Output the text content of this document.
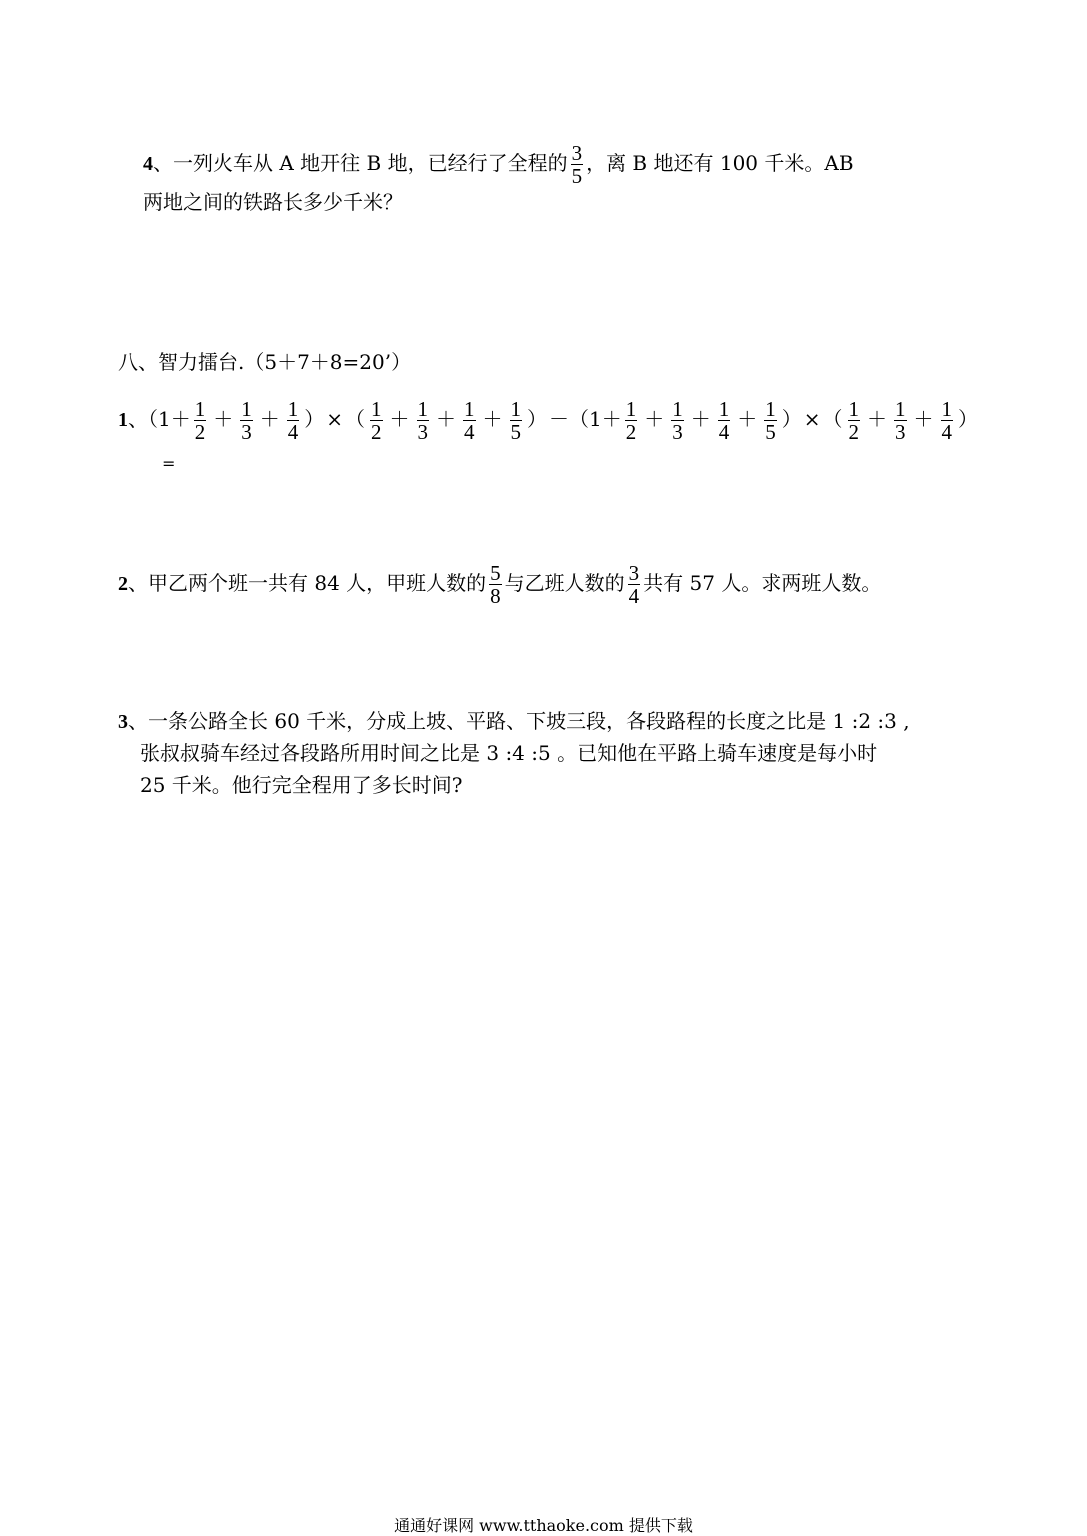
4、一列火车从 A 地开往 B 地，已经行了全程的 $\frac{3}{5}$ ，离 B 地还有 100 千米。AB
两地之间的铁路长多少千米？
八、智力擂台.（5＋7＋8=20’）
1、（$1+ \frac{1}{2} + \frac{1}{3} + \frac{1}{4}$ ） × （ $\frac{1}{2} + \frac{1}{3} + \frac{1}{4} + \frac{1}{5}$ ） $-(1+ \frac{1}{2} + \frac{1}{3} + \frac{1}{4} + \frac{1}{5}$ ） × （ $\frac{1}{2} + \frac{1}{3} + \frac{1}{4}$ ）
=
2、甲乙两个班一共有 84 人，甲班人数的 $\frac{5}{8}$ 与乙班人数的 $\frac{3}{4}$ 共有 57 人。求两班人数。
3、一条公路全长 60 千米，分成上坡、平路、下坡三段，各段路程的长度之比是 1 :2 :3 ,
张叔叔骑车经过各段路所用时间之比是 3 :4 :5 。已知他在平路上骑车速度是每小时
25 千米。他行完全程用了多长时间?
通通好课网 www.tthaoke.com 提供下载
